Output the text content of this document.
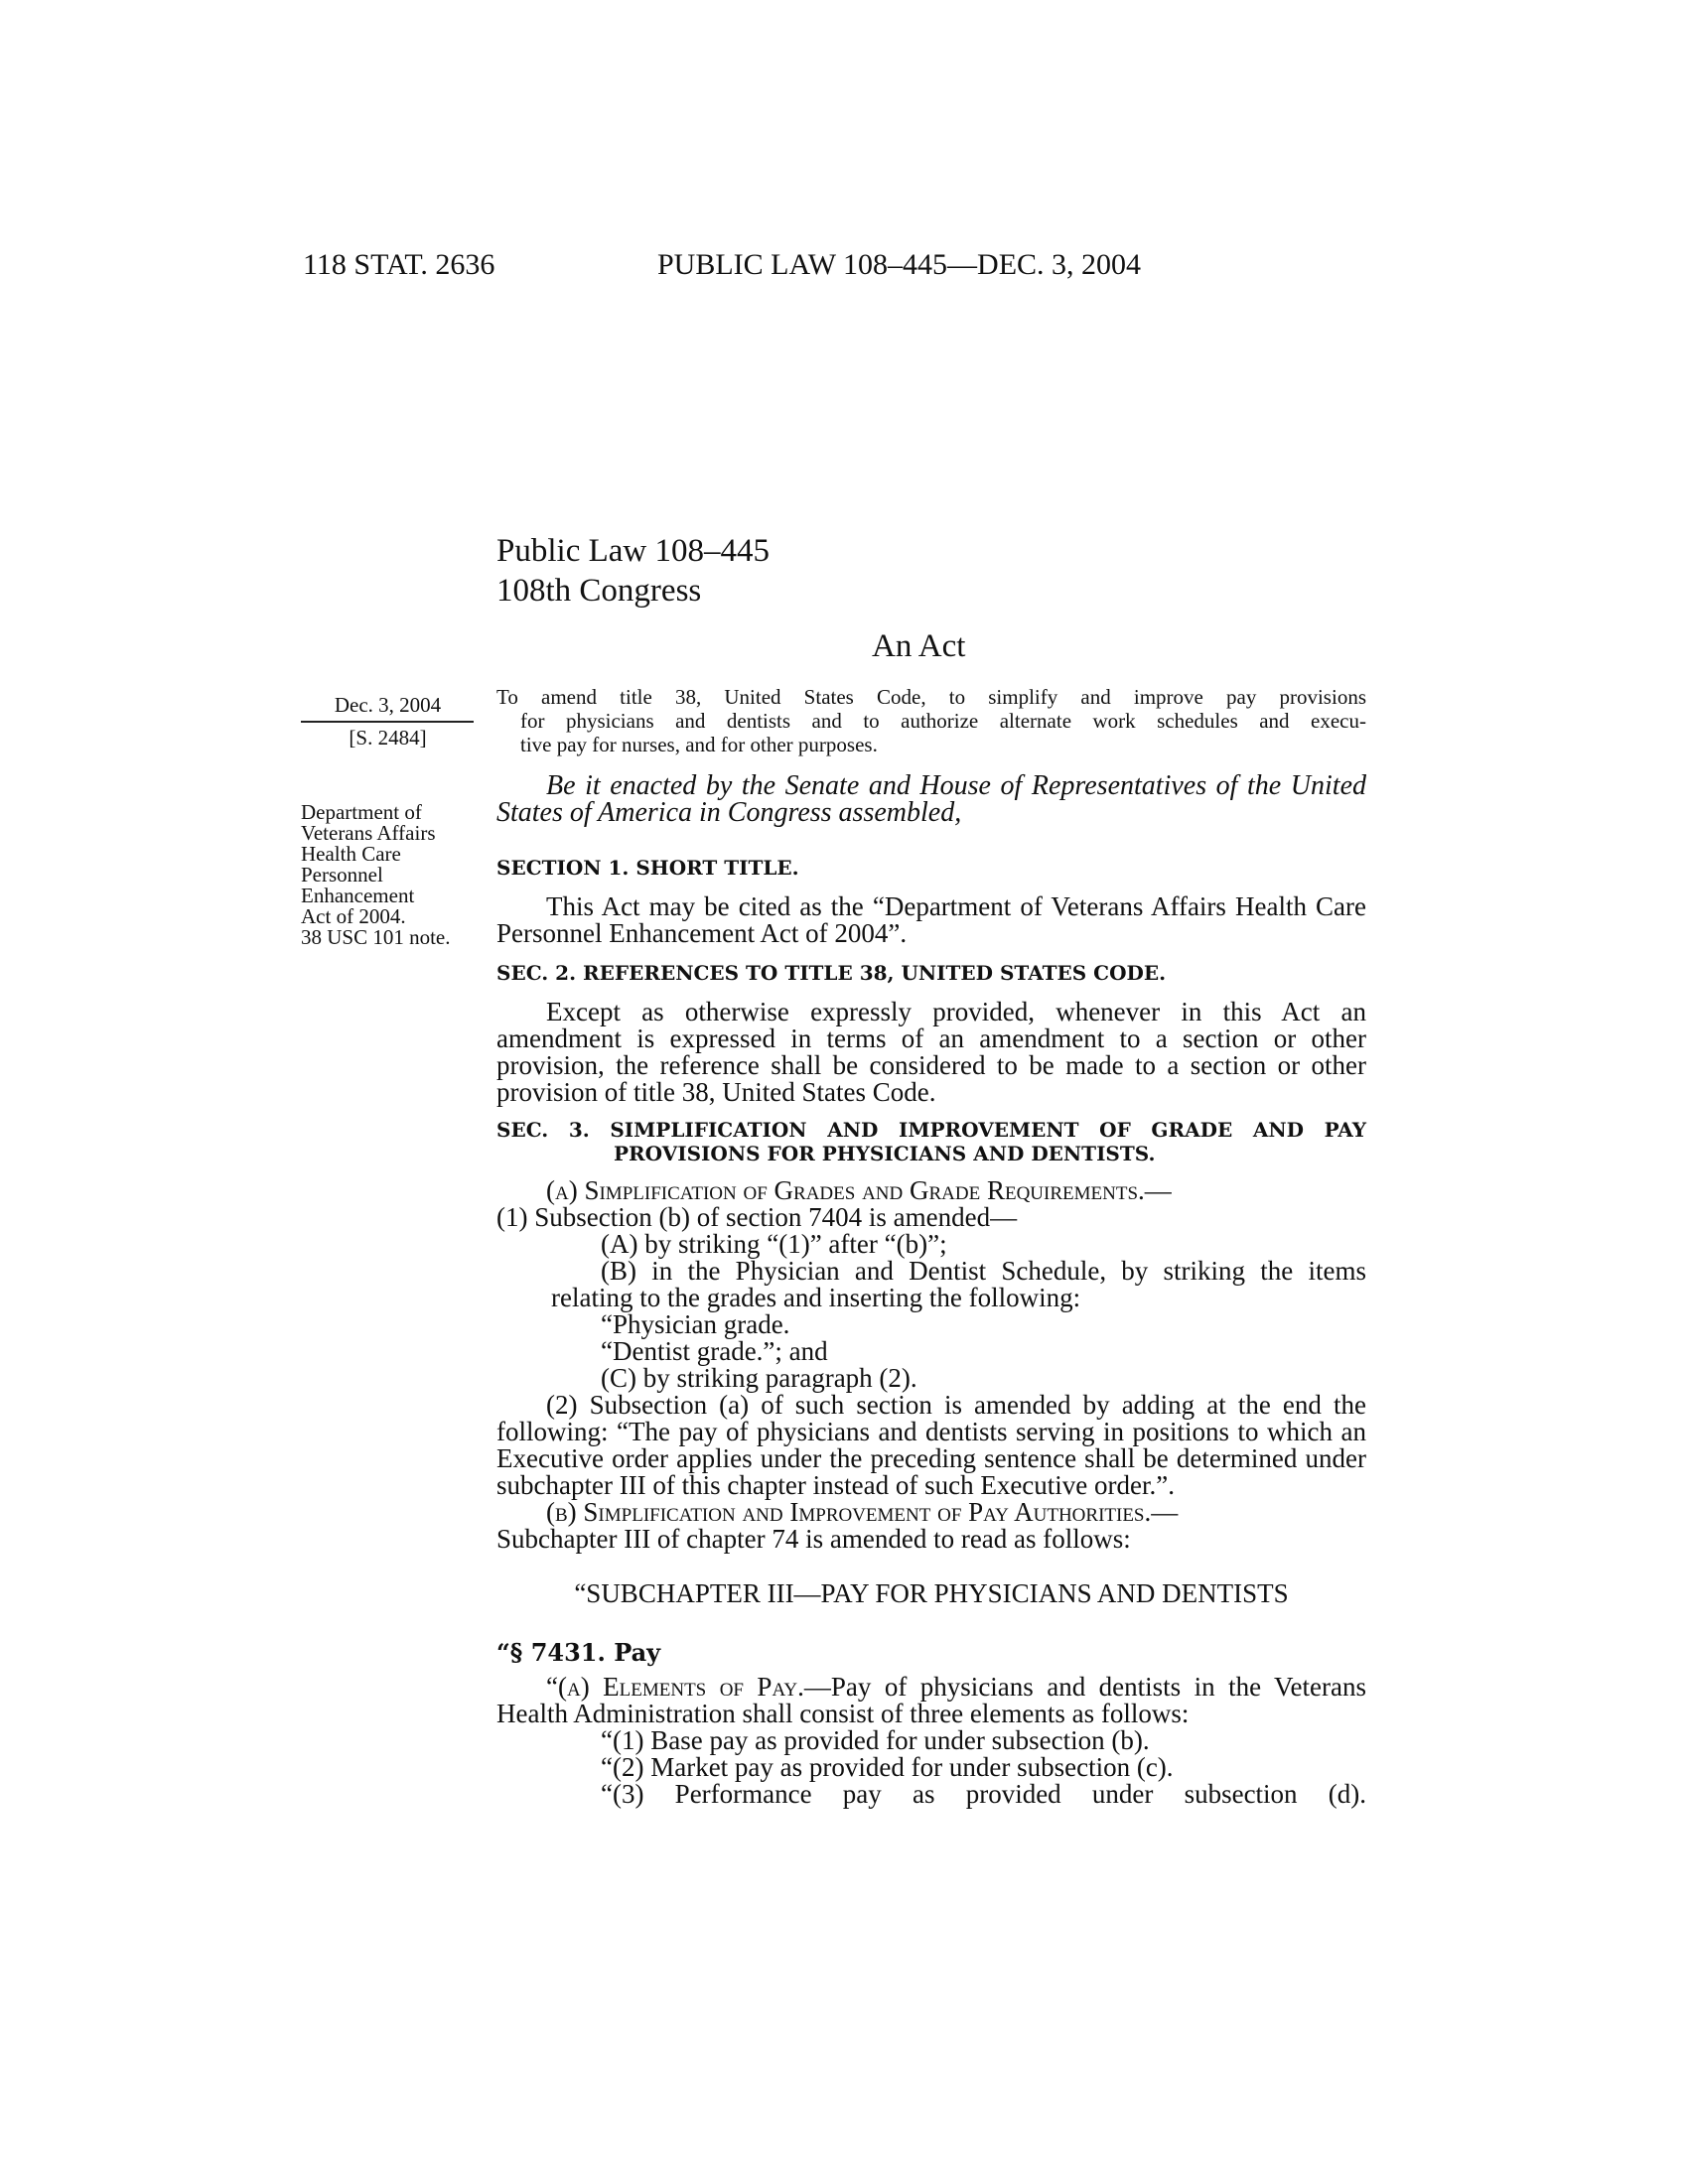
118 STAT. 2636	PUBLIC LAW 108–445—DEC. 3, 2004
Public Law 108–445
108th Congress
An Act
Dec. 3, 2004
[S. 2484]
Department of
Veterans Affairs
Health Care
Personnel
Enhancement
Act of 2004.
38 USC 101 note.
To amend title 38, United States Code, to simplify and improve pay provisions
for physicians and dentists and to authorize alternate work schedules and execu-
tive pay for nurses, and for other purposes.
Be it enacted by the Senate and House of Representatives of the United States of America in Congress assembled,
SECTION 1. SHORT TITLE.

This Act may be cited as the “Department of Veterans Affairs Health Care Personnel Enhancement Act of 2004”.

SEC. 2. REFERENCES TO TITLE 38, UNITED STATES CODE.

Except as otherwise expressly provided, whenever in this Act an amendment is expressed in terms of an amendment to a section or other provision, the reference shall be considered to be made to a section or other provision of title 38, United States Code.

SEC. 3. SIMPLIFICATION AND IMPROVEMENT OF GRADE AND PAY
PROVISIONS FOR PHYSICIANS AND DENTISTS.

(a) Simplification of Grades and Grade Requirements.—

(1) Subsection (b) of section 7404 is amended—

(A) by striking “(1)” after “(b)”;

(B) in the Physician and Dentist Schedule, by striking the items relating to the grades and inserting the following:

“Physician grade.

“Dentist grade.”; and

(C) by striking paragraph (2).

(2) Subsection (a) of such section is amended by adding at the end the following: “The pay of physicians and dentists serving in positions to which an Executive order applies under the preceding sentence shall be determined under subchapter III of this chapter instead of such Executive order.”.

(b) Simplification and Improvement of Pay Authorities.—

Subchapter III of chapter 74 is amended to read as follows:

“SUBCHAPTER III—PAY FOR PHYSICIANS AND DENTISTS
“§ 7431. Pay

“(a) Elements of Pay.—Pay of physicians and dentists in the Veterans Health Administration shall consist of three elements as follows:

“(1) Base pay as provided for under subsection (b).

“(2) Market pay as provided for under subsection (c).

“(3) Performance pay as provided under subsection (d).
